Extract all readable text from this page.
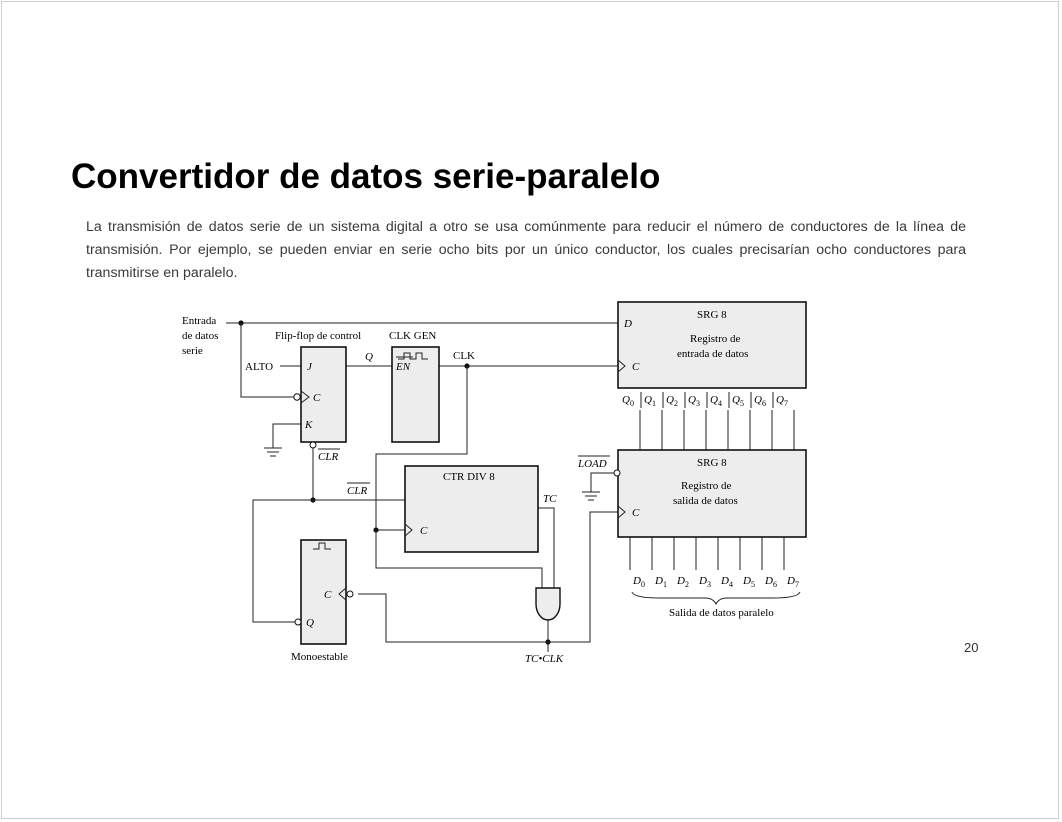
Convertidor de datos serie-paralelo

La transmisión de datos serie de un sistema digital a otro se usa comúnmente para reducir el número de conductores de la línea de transmisión. Por ejemplo, se pueden enviar en serie ocho bits por un único conductor, los cuales precisarían ocho conductores para transmitirse en paralelo.

20
Entrada
de datos
serie
Flip-flop de control
J
C
K
CLR
Q
ALTO
CLK GEN
EN
CLK
SRG 8
Registro de
entrada de datos
D
C
$Q_0$ $Q_1$ $Q_2$ $Q_3$ $Q_4$ $Q_5$ $Q_6$ $Q_7$
SRG 8
Registro de
salida de datos
LOAD
C
$D_0$ $D_1$ $D_2$ $D_3$ $D_4$ $D_5$ $D_6$ $D_7$
Salida de datos paralelo
CTR DIV 8
CLR
C
TC
TC•CLK
C
Q
Monoestable
